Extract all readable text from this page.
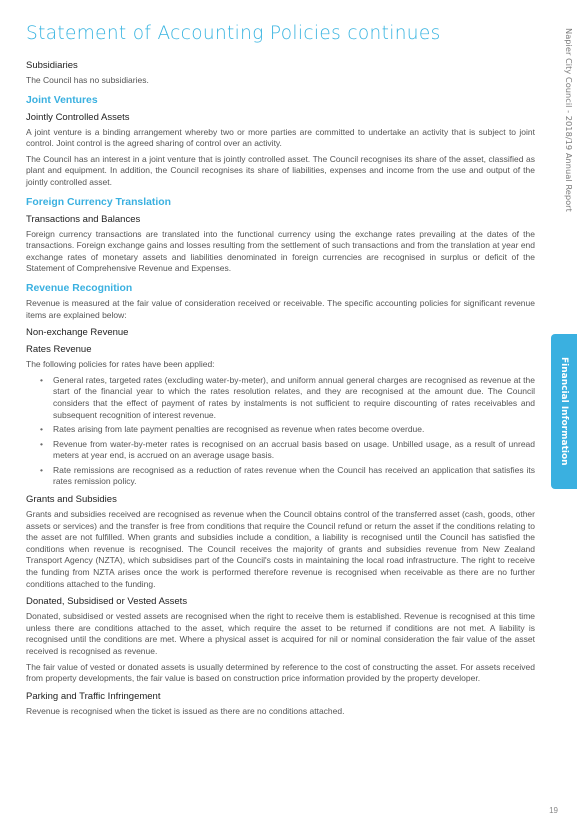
Statement of Accounting Policies continues	Napier City Council - 2018/19 Annual Report
Financial Information
Subsidiaries

The Council has no subsidiaries.

Joint Ventures
Jointly Controlled Assets

A joint venture is a binding arrangement whereby two or more parties are committed to undertake an activity that is subject to joint control. Joint control is the agreed sharing of control over an activity.

The Council has an interest in a joint venture that is jointly controlled asset. The Council recognises its share of the asset, classified as plant and equipment. In addition, the Council recognises its share of liabilities, expenses and income from the use and output of the jointly controlled asset.

Foreign Currency Translation
Transactions and Balances

Foreign currency transactions are translated into the functional currency using the exchange rates prevailing at the dates of the transactions. Foreign exchange gains and losses resulting from the settlement of such transactions and from the translation at year end exchange rates of monetary assets and liabilities denominated in foreign currencies are recognised in surplus or deficit of the Statement of Comprehensive Revenue and Expenses.

Revenue Recognition

Revenue is measured at the fair value of consideration received or receivable. The specific accounting policies for significant revenue items are explained below:

Non-exchange Revenue
Rates Revenue

The following policies for rates have been applied:

• General rates, targeted rates (excluding water-by-meter), and uniform annual general charges are recognised as revenue at the start of the financial year to which the rates resolution relates, and they are recognised at the amount due. The Council considers that the effect of payment of rates by instalments is not sufficient to require discounting of rates receivables and subsequent recognition of interest revenue.
• Rates arising from late payment penalties are recognised as revenue when rates become overdue.
• Revenue from water-by-meter rates is recognised on an accrual basis based on usage. Unbilled usage, as a result of unread meters at year end, is accrued on an average usage basis.
• Rate remissions are recognised as a reduction of rates revenue when the Council has received an application that satisfies its rates remission policy.
Grants and Subsidies

Grants and subsidies received are recognised as revenue when the Council obtains control of the transferred asset (cash, goods, other assets or services) and the transfer is free from conditions that require the Council refund or return the asset if the conditions relating to the asset are not fulfilled. When grants and subsidies include a condition, a liability is recognised until the Council has satisfied the conditions when revenue is recognised. The Council receives the majority of grants and subsidies revenue from New Zealand Transport Agency (NZTA), which subsidises part of the Council's costs in maintaining the local road infrastructure. The right to receive the funding from NZTA arises once the work is performed therefore revenue is recognised when receivable as there are no further conditions attached to the funding.

Donated, Subsidised or Vested Assets

Donated, subsidised or vested assets are recognised when the right to receive them is established. Revenue is recognised at this time unless there are conditions attached to the asset, which require the asset to be returned if conditions are not met. A liability is recognised until the conditions are met. Where a physical asset is acquired for nil or nominal consideration the fair value of the asset received is recognised as revenue.

The fair value of vested or donated assets is usually determined by reference to the cost of constructing the asset. For assets received from property developments, the fair value is based on construction price information provided by the property developer.

Parking and Traffic Infringement

Revenue is recognised when the ticket is issued as there are no conditions attached.

19
